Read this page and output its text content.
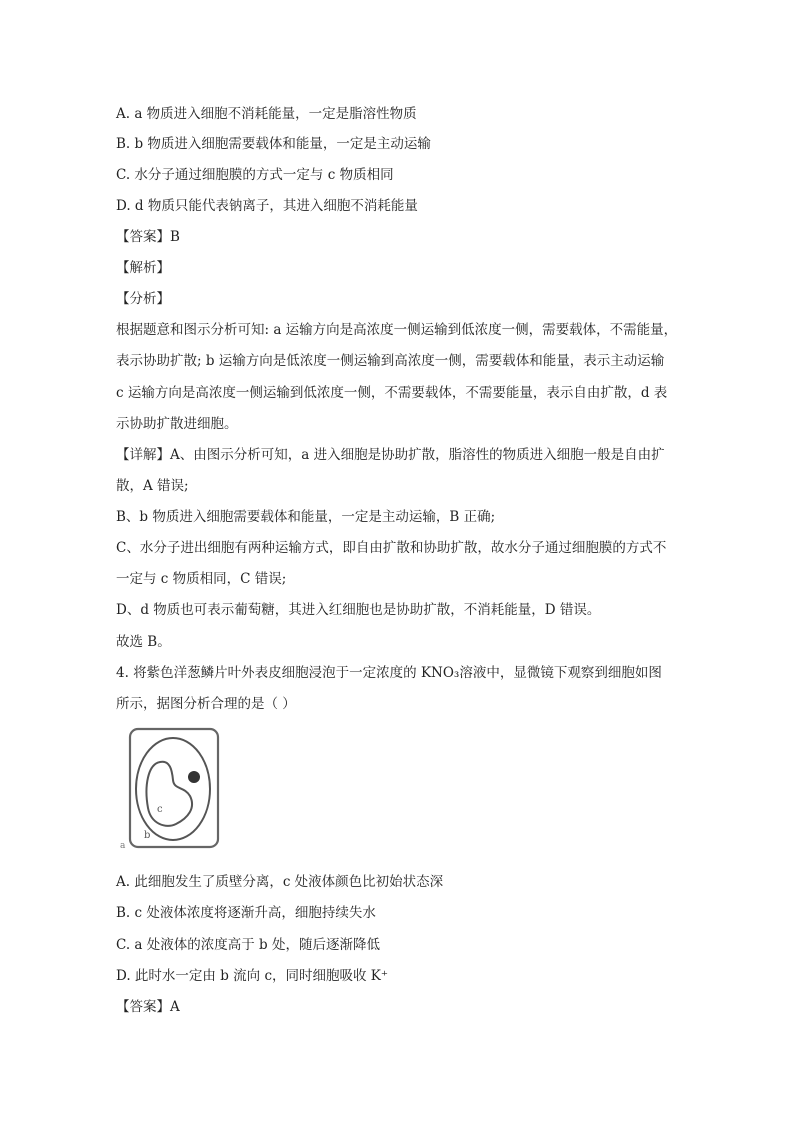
A. a 物质进入细胞不消耗能量，一定是脂溶性物质
B. b 物质进入细胞需要载体和能量，一定是主动运输
C. 水分子通过细胞膜的方式一定与 c 物质相同
D. d 物质只能代表钠离子，其进入细胞不消耗能量
【答案】B
【解析】
【分析】
根据题意和图示分析可知: a 运输方向是高浓度一侧运输到低浓度一侧，需要载体，不需能量，
表示协助扩散; b 运输方向是低浓度一侧运输到高浓度一侧，需要载体和能量，表示主动运输
c 运输方向是高浓度一侧运输到低浓度一侧，不需要载体，不需要能量，表示自由扩散，d 表
示协助扩散进细胞。
【详解】A、由图示分析可知，a 进入细胞是协助扩散，脂溶性的物质进入细胞一般是自由扩
散，A 错误;
B、b 物质进入细胞需要载体和能量，一定是主动运输，B 正确;
C、水分子进出细胞有两种运输方式，即自由扩散和协助扩散，故水分子通过细胞膜的方式不
一定与 c 物质相同，C 错误;
D、d 物质也可表示葡萄糖，其进入红细胞也是协助扩散，不消耗能量，D 错误。
故选 B。
4. 将紫色洋葱鳞片叶外表皮细胞浸泡于一定浓度的 KNO₃溶液中，显微镜下观察到细胞如图
所示，据图分析合理的是（ ）
c
b
a
A. 此细胞发生了质壁分离，c 处液体颜色比初始状态深
B. c 处液体浓度将逐渐升高，细胞持续失水
C. a 处液体的浓度高于 b 处，随后逐渐降低
D. 此时水一定由 b 流向 c，同时细胞吸收 K⁺
【答案】A
